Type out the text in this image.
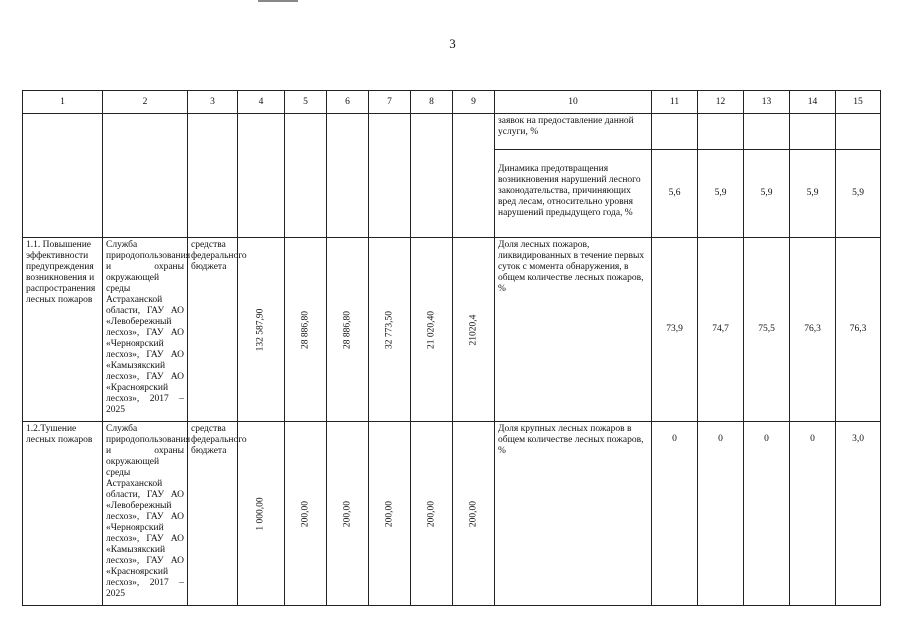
3
1	2	3	4	5	6	7	8	9	10	11	12	13	14	15
									заявок на предоставление данной услуги, %					
									Динамика предотвращения возникновения нарушений лесного законодательства, причиняющих вред лесам, относительно уровня нарушений предыдущего года, %	5,6	5,9	5,9	5,9	5,9
1.1. Повышение эффективности предупреждения возникновения и распространения лесных пожаров	Служба природопользования и охраны окружающей среды Астраханской области, ГАУ АО «Левобережный лесхоз», ГАУ АО «Черноярский лесхоз», ГАУ АО «Камызякский лесхоз», ГАУ АО «Красноярский лесхоз», 2017 – 2025	средства федерального бюджета	132 587,90	28 886,80	28 886,80	32 773,50	21 020,40	21020,4	Доля лесных пожаров, ликвидированных в течение первых суток с момента обнаружения, в общем количестве лесных пожаров, %	73,9	74,7	75,5	76,3	76,3
1.2.Тушение лесных пожаров	Служба природопользования и охраны окружающей среды Астраханской области, ГАУ АО «Левобережный лесхоз», ГАУ АО «Черноярский лесхоз», ГАУ АО «Камызякский лесхоз», ГАУ АО «Красноярский лесхоз», 2017 – 2025	средства федерального бюджета	1 000,00	200,00	200,00	200,00	200,00	200,00	Доля крупных лесных пожаров в общем количестве лесных пожаров, %	0	0	0	0	3,0
